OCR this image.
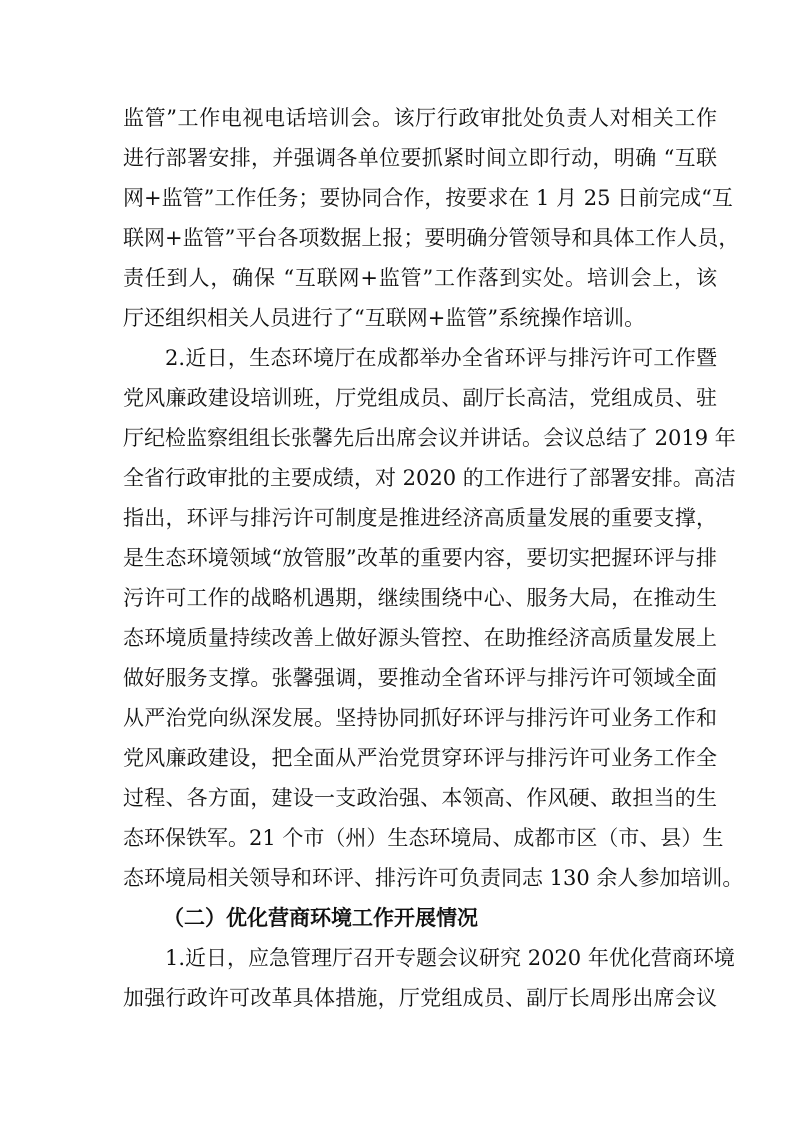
监管”工作电视电话培训会。该厅行政审批处负责人对相关工作
进行部署安排，并强调各单位要抓紧时间立即行动，明确 “互联
网+监管”工作任务；要协同合作，按要求在 1 月 25 日前完成“互
联网+监管”平台各项数据上报；要明确分管领导和具体工作人员，
责任到人，确保 “互联网+监管”工作落到实处。培训会上，该
厅还组织相关人员进行了“互联网+监管”系统操作培训。
2.近日，生态环境厅在成都举办全省环评与排污许可工作暨
党风廉政建设培训班，厅党组成员、副厅长高洁，党组成员、驻
厅纪检监察组组长张馨先后出席会议并讲话。会议总结了 2019 年
全省行政审批的主要成绩，对 2020 的工作进行了部署安排。高洁
指出，环评与排污许可制度是推进经济高质量发展的重要支撑，
是生态环境领域“放管服”改革的重要内容，要切实把握环评与排
污许可工作的战略机遇期，继续围绕中心、服务大局，在推动生
态环境质量持续改善上做好源头管控、在助推经济高质量发展上
做好服务支撑。张馨强调，要推动全省环评与排污许可领域全面
从严治党向纵深发展。坚持协同抓好环评与排污许可业务工作和
党风廉政建设，把全面从严治党贯穿环评与排污许可业务工作全
过程、各方面，建设一支政治强、本领高、作风硬、敢担当的生
态环保铁军。21 个市（州）生态环境局、成都市区（市、县）生
态环境局相关领导和环评、排污许可负责同志 130 余人参加培训。
（二）优化营商环境工作开展情况
1.近日，应急管理厅召开专题会议研究 2020 年优化营商环境
加强行政许可改革具体措施，厅党组成员、副厅长周彤出席会议
